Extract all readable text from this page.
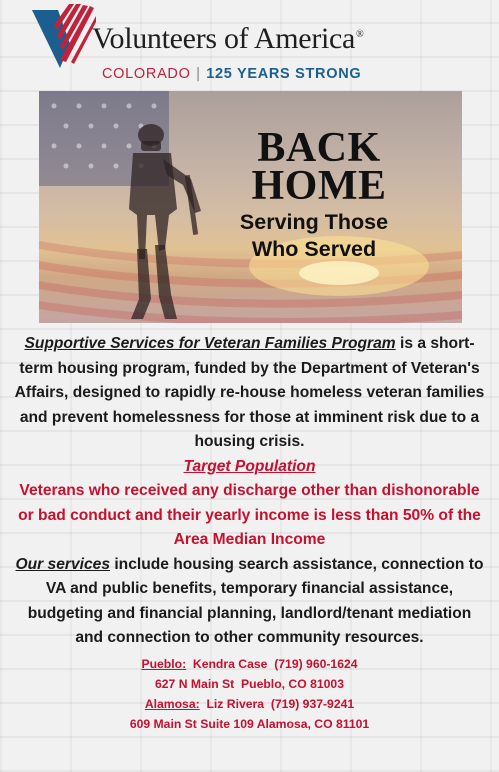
Volunteers of America®
COLORADO | 125 YEARS STRONG
BACK
HOME

Serving Those
Who Served

Supportive Services for Veteran Families Program is a short-term housing program, funded by the Department of Veteran's Affairs, designed to rapidly re-house homeless veteran families and prevent homelessness for those at imminent risk due to a housing crisis.

Target Population

Veterans who received any discharge other than dishonorable or bad conduct and their yearly income is less than 50% of the Area Median Income

Our services include housing search assistance, connection to VA and public benefits, temporary financial assistance, budgeting and financial planning, landlord/tenant mediation and connection to other community resources.

Pueblo: Kendra Case (719) 960-1624
627 N Main St  Pueblo, CO 81003
Alamosa: Liz Rivera (719) 937-9241
609 Main St Suite 109 Alamosa, CO 81101
